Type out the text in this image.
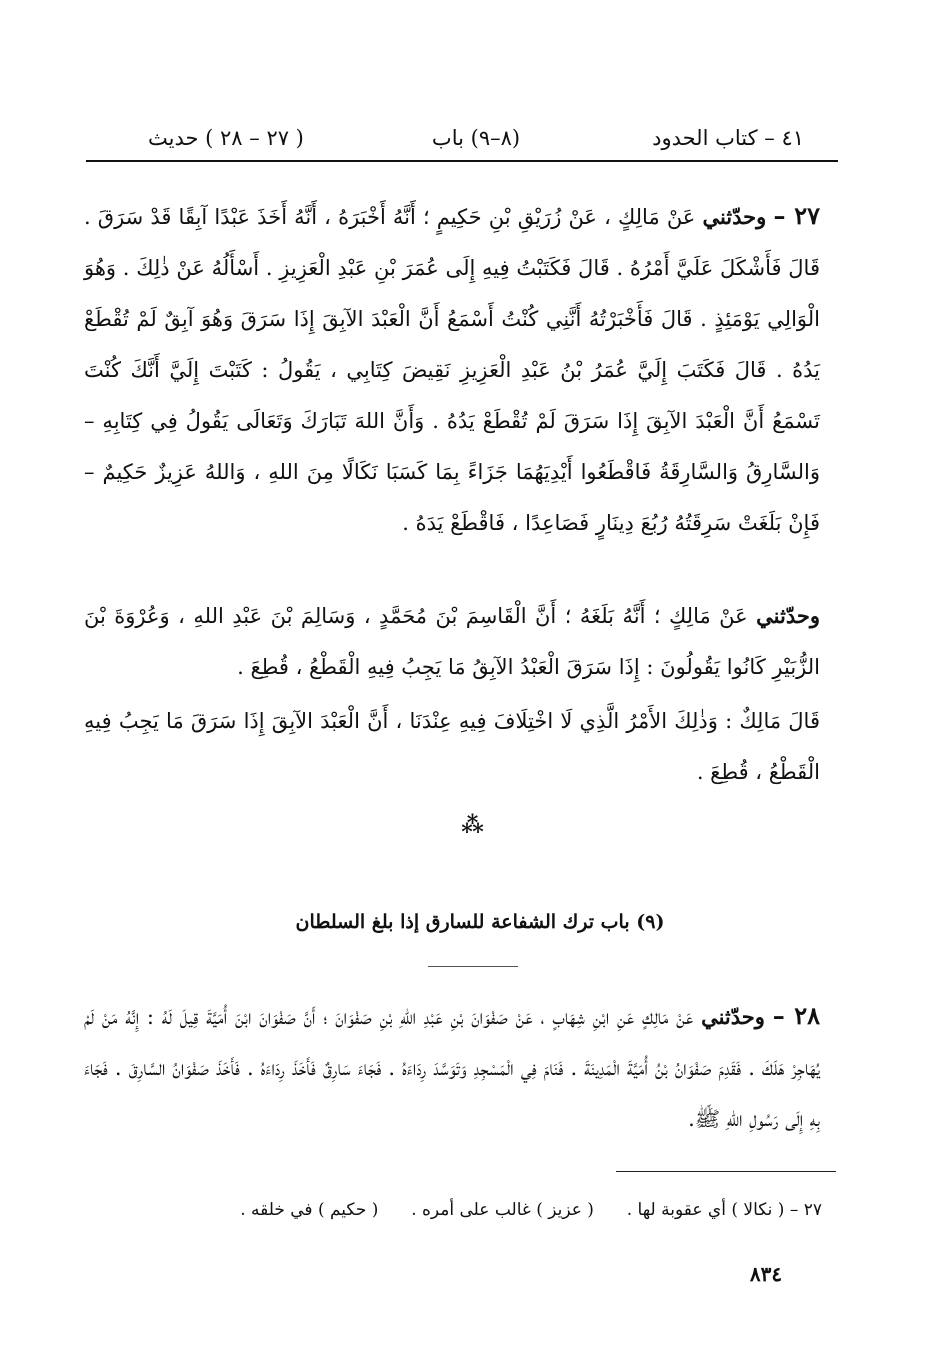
٤١ – كتاب الحدود
(٨–٩) باب
( ٢٧ – ٢٨ ) حديث

٢٧ – وحدّثني عَنْ مَالِكٍ ، عَنْ زُرَيْقِ بْنِ حَكِيمٍ ؛ أَنَّهُ أَخْبَرَهُ ، أَنَّهُ أَخَذَ عَبْدًا آبِقًا قَدْ سَرَقَ . قَالَ فَأَشْكَلَ عَلَيَّ أَمْرُهُ . قَالَ فَكَتَبْتُ فِيهِ إِلَى عُمَرَ بْنِ عَبْدِ الْعَزِيزِ . أَسْأَلُهُ عَنْ ذٰلِكَ . وَهُوَ الْوَالِي يَوْمَئِذٍ . قَالَ فَأَخْبَرْتُهُ أَنَّنِي كُنْتُ أَسْمَعُ أَنَّ الْعَبْدَ الآبِقَ إِذَا سَرَقَ وَهُوَ آبِقٌ لَمْ تُقْطَعْ يَدُهُ . قَالَ فَكَتَبَ إِلَيَّ عُمَرُ بْنُ عَبْدِ الْعَزِيزِ نَقِيضَ كِتَابِي ، يَقُولُ : كَتَبْتَ إِلَيَّ أَنَّكَ كُنْتَ تَسْمَعُ أَنَّ الْعَبْدَ الآبِقَ إِذَا سَرَقَ لَمْ تُقْطَعْ يَدُهُ . وَأَنَّ اللهَ تَبَارَكَ وَتَعَالَى يَقُولُ فِي كِتَابِهِ – وَالسَّارِقُ وَالسَّارِقَةُ فَاقْطَعُوا أَيْدِيَهُمَا جَزَاءً بِمَا كَسَبَا نَكَالًا مِنَ اللهِ ، وَاللهُ عَزِيزٌ حَكِيمٌ – فَإِنْ بَلَغَتْ سَرِقَتُهُ رُبُعَ دِينَارٍ فَصَاعِدًا ، فَاقْطَعْ يَدَهُ .

وحدّثني عَنْ مَالِكٍ ؛ أَنَّهُ بَلَغَهُ ؛ أَنَّ الْقَاسِمَ بْنَ مُحَمَّدٍ ، وَسَالِمَ بْنَ عَبْدِ اللهِ ، وَعُرْوَةَ بْنَ الزُّبَيْرِ كَانُوا يَقُولُونَ : إِذَا سَرَقَ الْعَبْدُ الآبِقُ مَا يَجِبُ فِيهِ الْقَطْعُ ، قُطِعَ .

قَالَ مَالِكٌ : وَذٰلِكَ الأَمْرُ الَّذِي لَا اخْتِلَافَ فِيهِ عِنْدَنَا ، أَنَّ الْعَبْدَ الآبِقَ إِذَا سَرَقَ مَا يَجِبُ فِيهِ الْقَطْعُ ، قُطِعَ .

⁂
(٩) باب ترك الشفاعة للسارق إذا بلغ السلطان

٢٨ – وحدّثني عَنْ مَالِكٍ عَنِ ابْنِ شِهَابٍ ، عَنْ صَفْوَانَ بْنِ عَبْدِ اللهِ بْنِ صَفْوَانَ ؛ أَنَّ صَفْوَانَ ابْنَ أُمَيَّةَ قِيلَ لَهُ : إِنَّهُ مَنْ لَمْ يُهَاجِرْ هَلَكَ . فَقَدِمَ صَفْوَانُ بْنُ أُمَيَّةَ الْمَدِينَةَ . فَنَامَ فِي الْمَسْجِدِ وَتَوَسَّدَ رِدَاءَهُ . فَجَاءَ سَارِقٌ فَأَخَذَ رِدَاءَهُ . فَأَخَذَ صَفْوَانُ السَّارِقَ . فَجَاءَ بِهِ إِلَى رَسُولِ اللهِ ﷺ.

٢٧ – ( نكالا ) أي عقوبة لها .  ( عزيز ) غالب على أمره .  ( حكيم ) في خلقه .
٨٣٤
